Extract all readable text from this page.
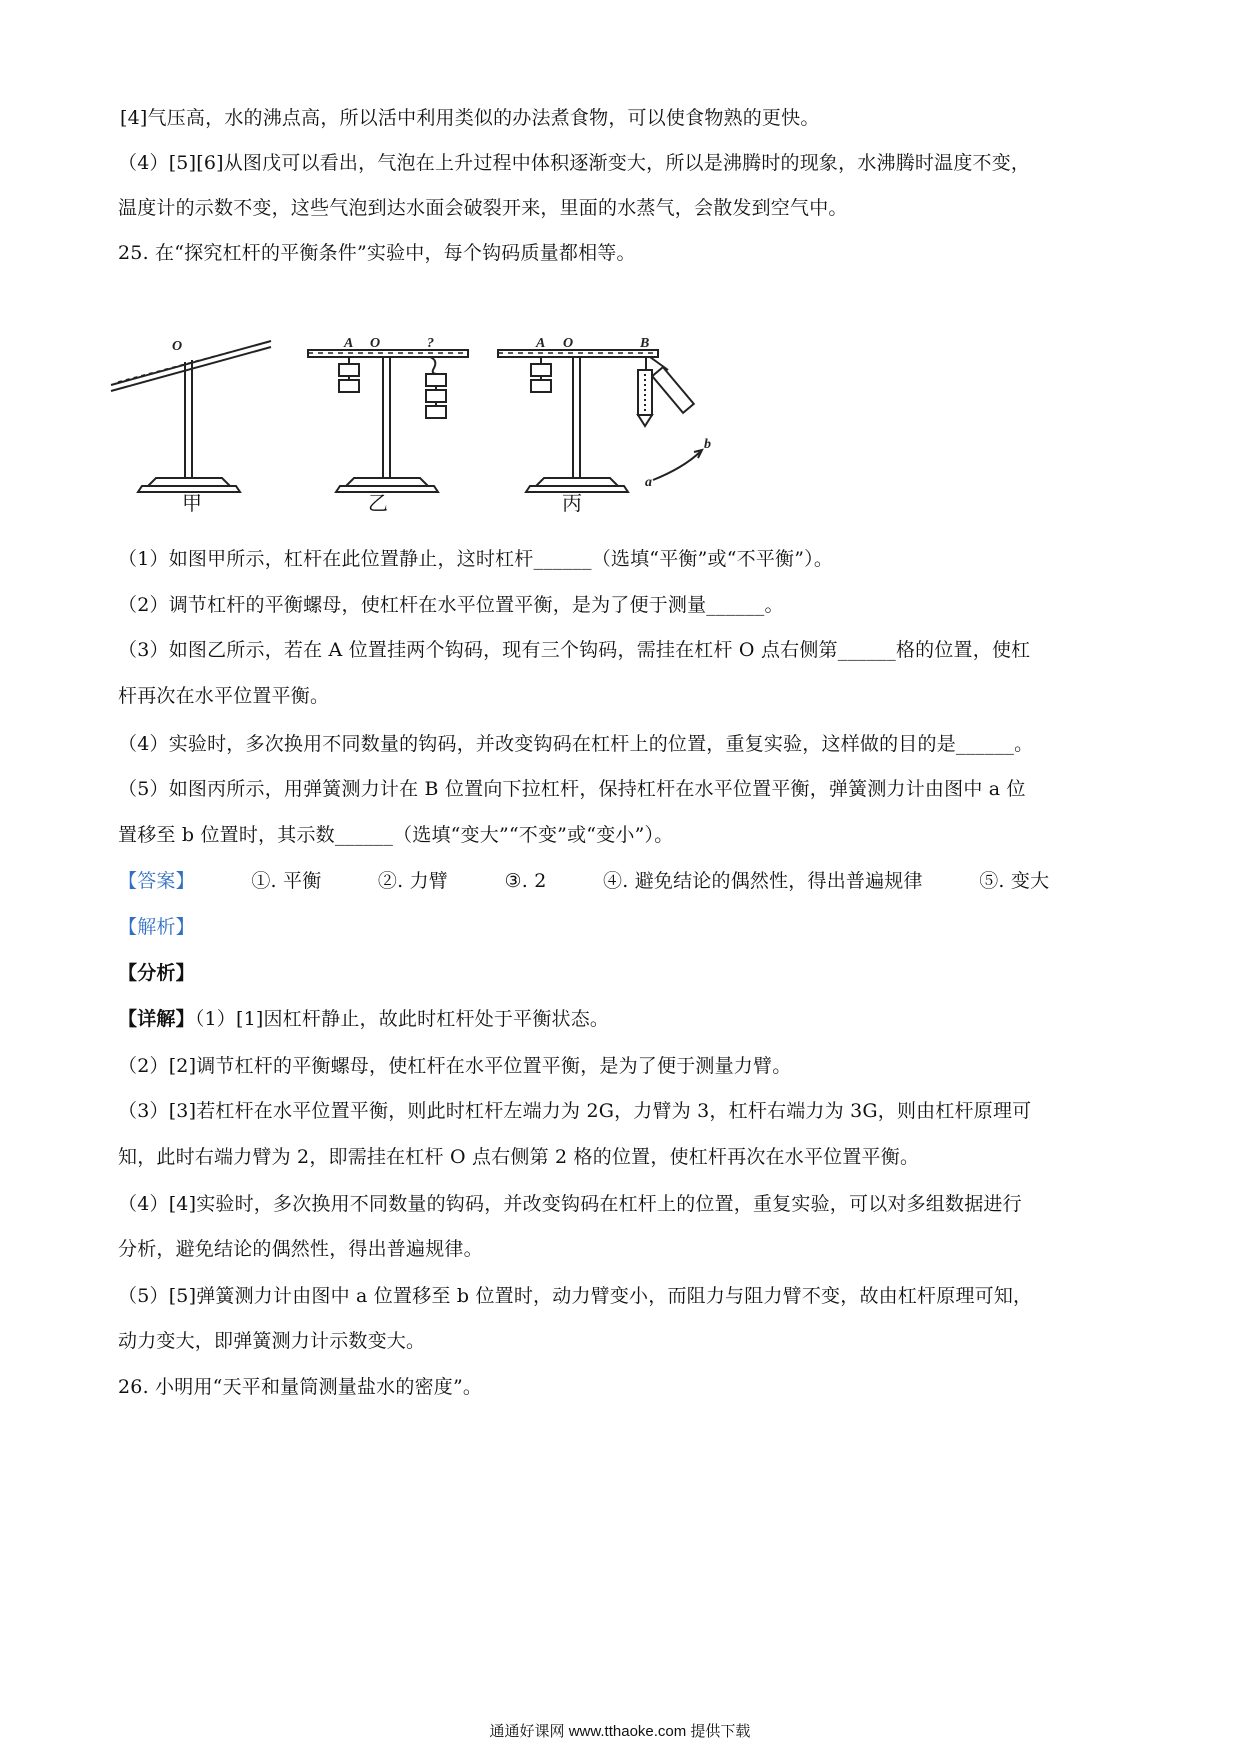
[4]气压高，水的沸点高，所以活中利用类似的办法煮食物，可以使食物熟的更快。
（4）[5][6]从图戊可以看出，气泡在上升过程中体积逐渐变大，所以是沸腾时的现象，水沸腾时温度不变，
温度计的示数不变，这些气泡到达水面会破裂开来，里面的水蒸气，会散发到空气中。
25. 在“探究杠杆的平衡条件”实验中，每个钩码质量都相等。
O	A O	?	A O	B
a
b
甲	乙	丙
（1）如图甲所示，杠杆在此位置静止，这时杠杆______（选填“平衡”或“不平衡”）。
（2）调节杠杆的平衡螺母，使杠杆在水平位置平衡，是为了便于测量______。
（3）如图乙所示，若在 A 位置挂两个钩码，现有三个钩码，需挂在杠杆 O 点右侧第______格的位置，使杠
杆再次在水平位置平衡。
（4）实验时，多次换用不同数量的钩码，并改变钩码在杠杆上的位置，重复实验，这样做的目的是______。
（5）如图丙所示，用弹簧测力计在 B 位置向下拉杠杆，保持杠杆在水平位置平衡，弹簧测力计由图中 a 位
置移至 b 位置时，其示数______（选填“变大”“不变”或“变小”）。
【答案】	①. 平衡	②. 力臂	③. 2	④. 避免结论的偶然性，得出普遍规律	⑤. 变大
【解析】
【分析】
【详解】（1）[1]因杠杆静止，故此时杠杆处于平衡状态。
（2）[2]调节杠杆的平衡螺母，使杠杆在水平位置平衡，是为了便于测量力臂。
（3）[3]若杠杆在水平位置平衡，则此时杠杆左端力为 2G，力臂为 3，杠杆右端力为 3G，则由杠杆原理可
知，此时右端力臂为 2，即需挂在杠杆 O 点右侧第 2 格的位置，使杠杆再次在水平位置平衡。
（4）[4]实验时，多次换用不同数量的钩码，并改变钩码在杠杆上的位置，重复实验，可以对多组数据进行
分析，避免结论的偶然性，得出普遍规律。
（5）[5]弹簧测力计由图中 a 位置移至 b 位置时，动力臂变小，而阻力与阻力臂不变，故由杠杆原理可知，
动力变大，即弹簧测力计示数变大。
26. 小明用“天平和量筒测量盐水的密度”。
通通好课网 www.tthaoke.com 提供下载
